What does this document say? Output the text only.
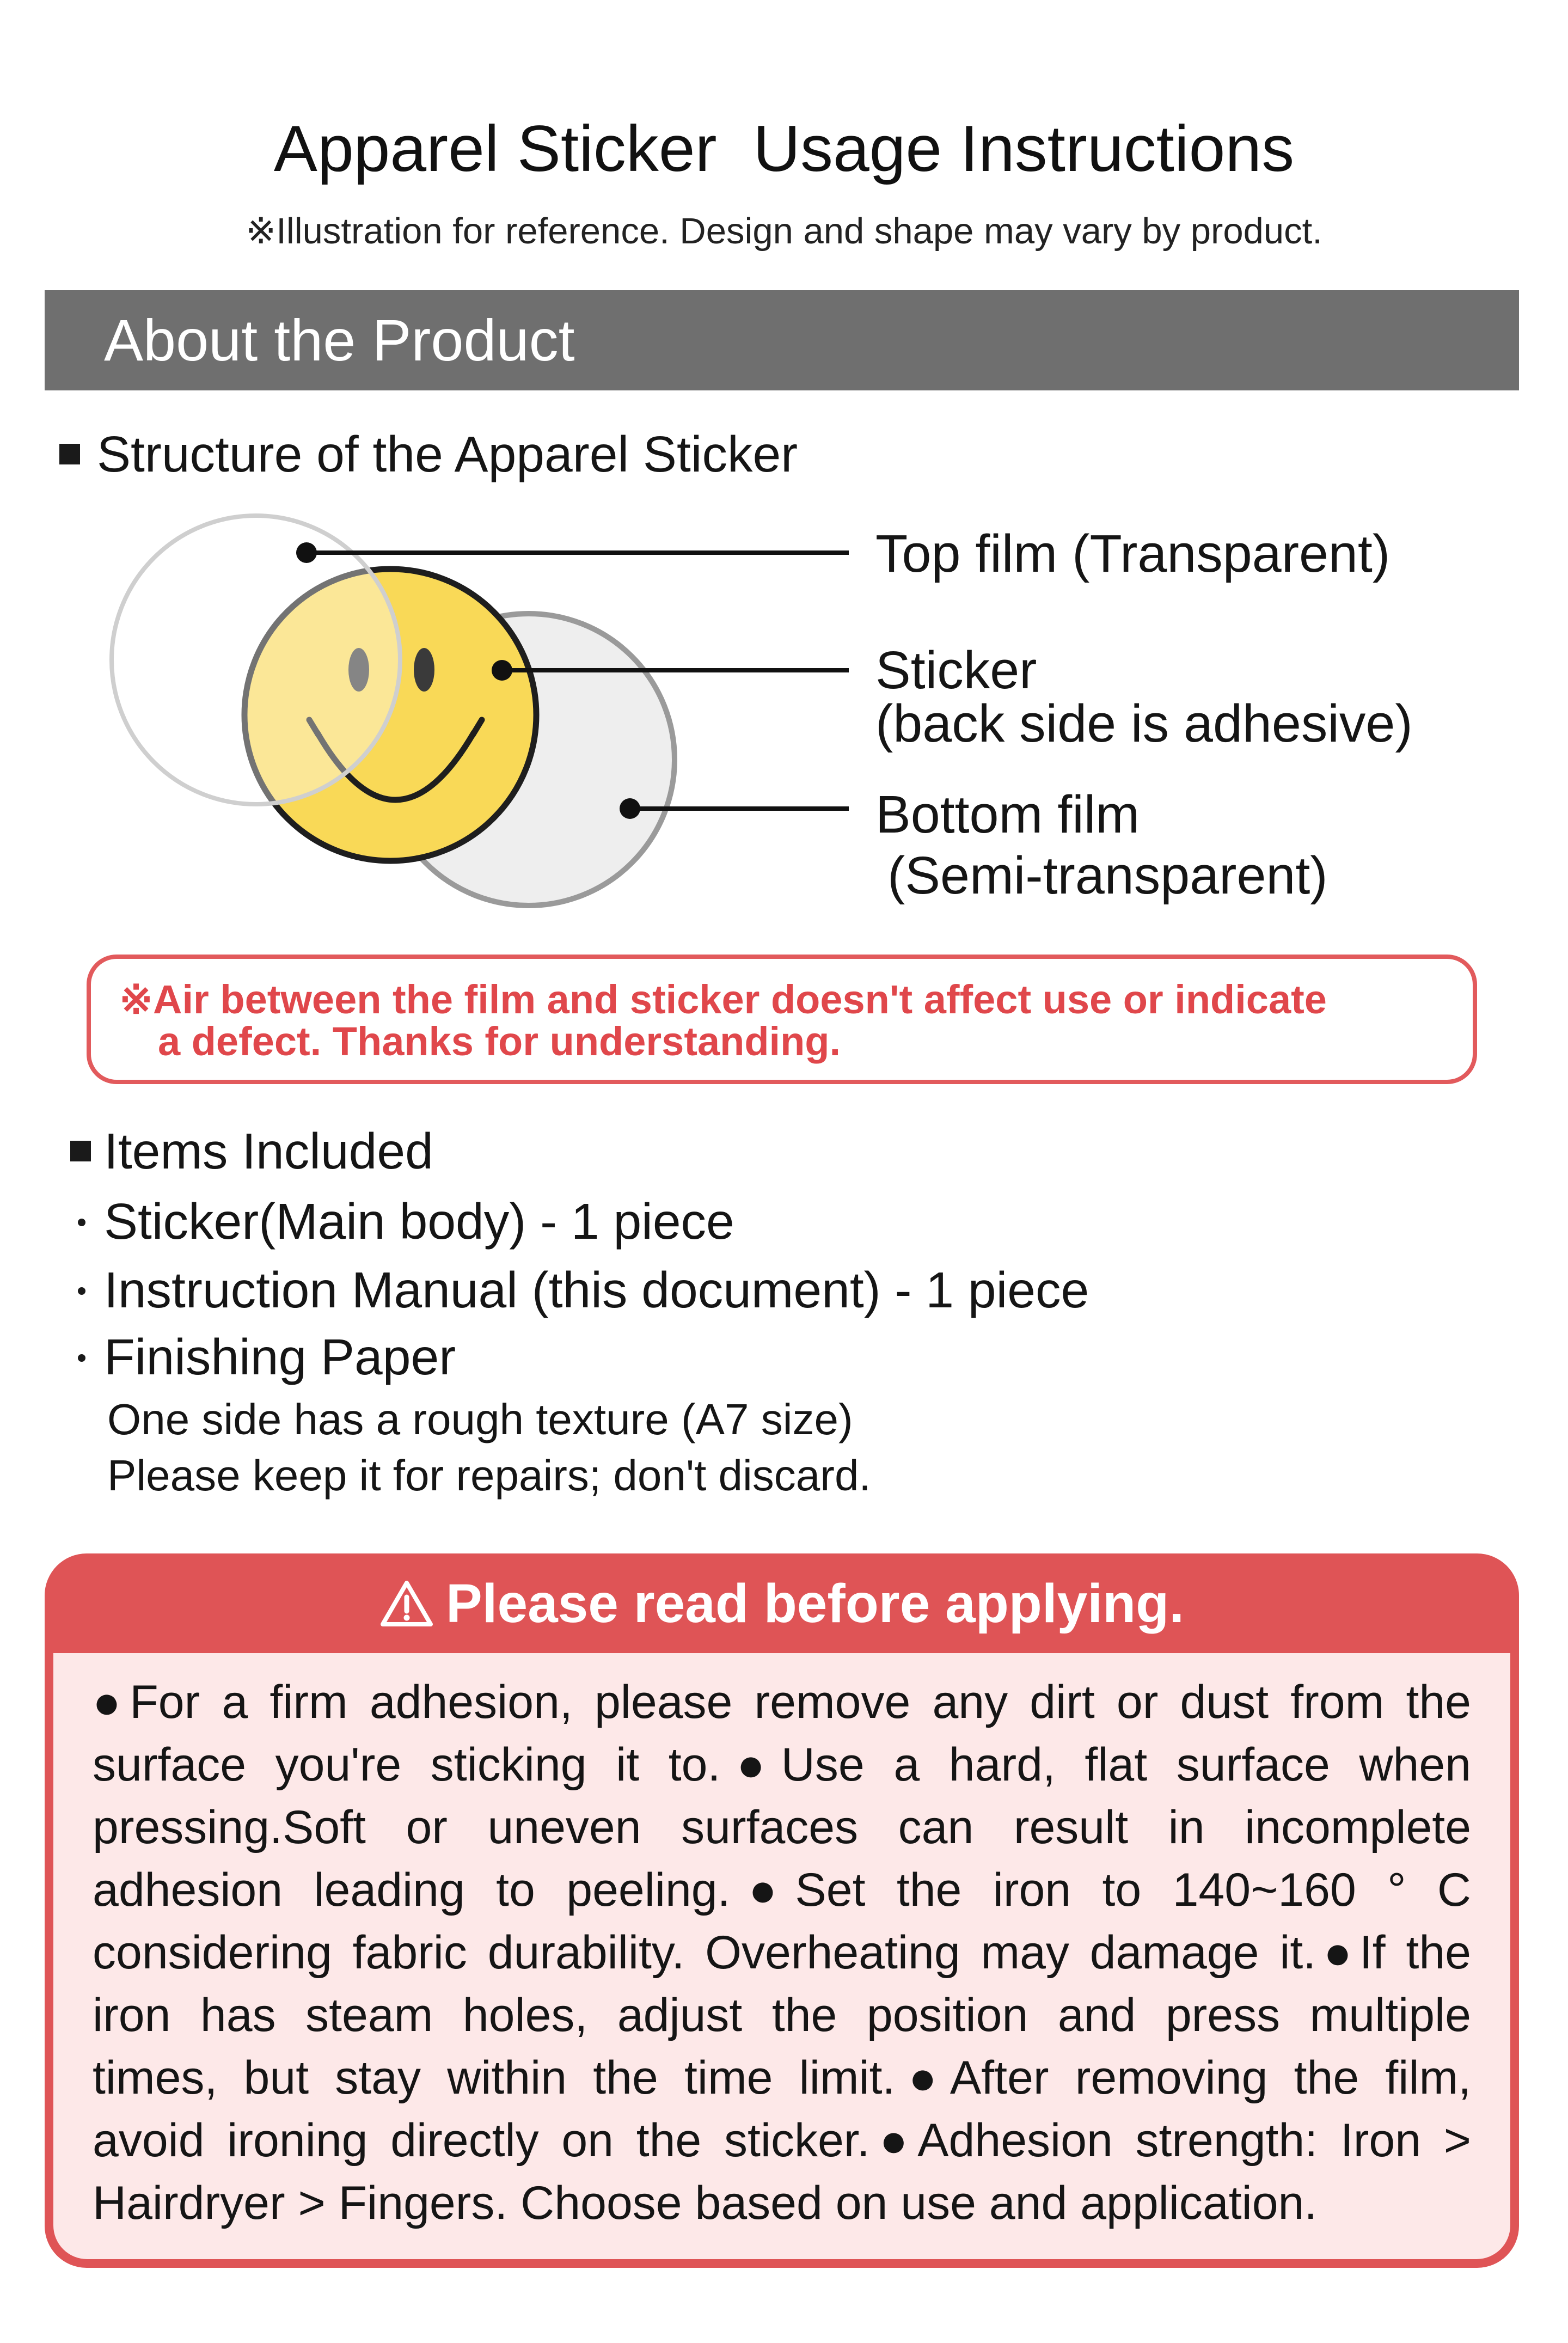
Apparel Sticker  Usage Instructions
※Illustration for reference. Design and shape may vary by product.
About the Product
Structure of the Apparel Sticker
Top film (Transparent)
Sticker
(back side is adhesive)
Bottom film
(Semi-transparent)
※Air between the film and sticker doesn't affect use or indicate
a defect. Thanks for understanding.
Items Included
Sticker(Main body) - 1 piece
Instruction Manual (this document) - 1 piece
Finishing Paper
One side has a rough texture (A7 size)
Please keep it for repairs; don't discard.
Please read before applying.
●For a firm adhesion, please remove any dirt or dust from the
surface you're sticking it to.●Use a hard, flat surface when
pressing.Soft or uneven surfaces can result in incomplete
adhesion leading to peeling.●Set the iron to 140~160 ° C
considering fabric durability. Overheating may damage it.●If the
iron has steam holes, adjust the position and press multiple
times, but stay within the time limit.●After removing the film,
avoid ironing directly on the sticker.●Adhesion strength: Iron >
Hairdryer > Fingers. Choose based on use and application.
